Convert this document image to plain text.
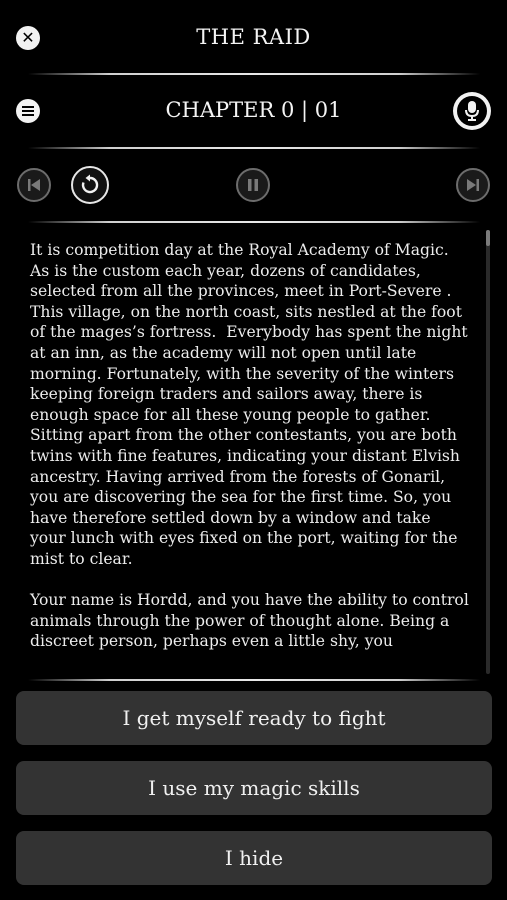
✕	THE RAID
CHAPTER 0 | 01

It is competition day at the Royal Academy of Magic. As is the custom each year, dozens of candidates, selected from all the provinces, meet in Port-Severe . This village, on the north coast, sits nestled at the foot of the mages’s fortress.  Everybody has spent the night at an inn, as the academy will not open until late morning. Fortunately, with the severity of the winters keeping foreign traders and sailors away, there is enough space for all these young people to gather.

Sitting apart from the other contestants, you are both twins with fine features, indicating your distant Elvish ancestry. Having arrived from the forests of Gonaril, you are discovering the sea for the first time. So, you have therefore settled down by a window and take your lunch with eyes fixed on the port, waiting for the mist to clear.

Your name is Hordd, and you have the ability to control animals through the power of thought alone. Being a discreet person, perhaps even a little shy, you

I get myself ready to fight
I use my magic skills
I hide
